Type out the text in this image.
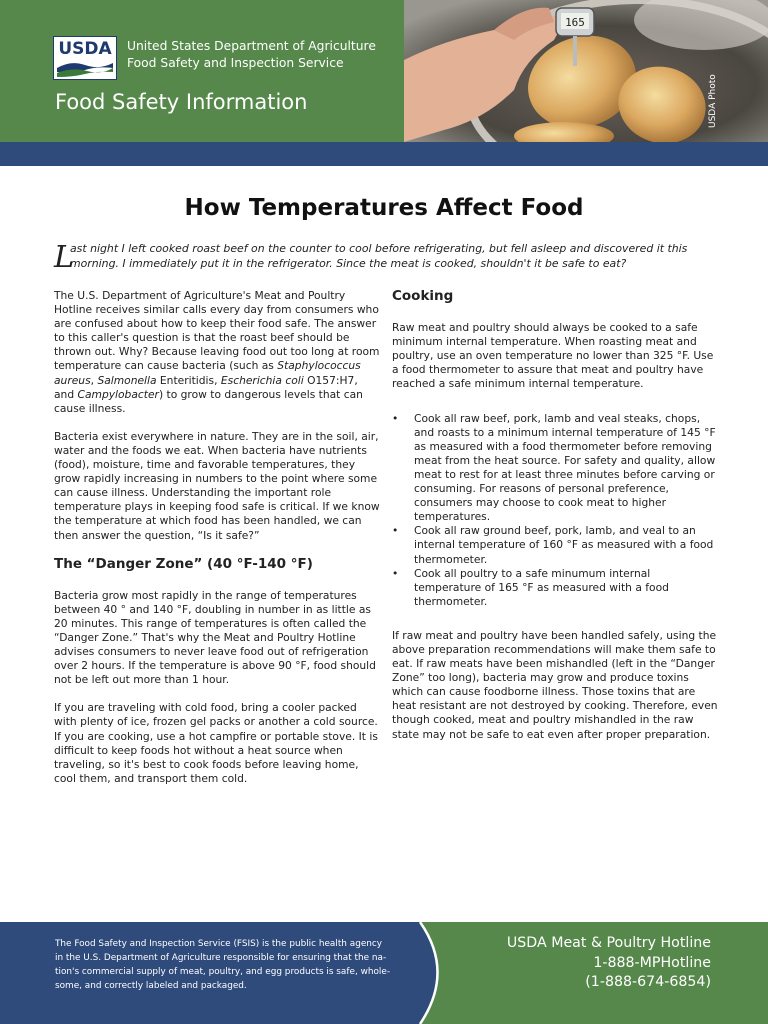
USDA	United States Department of Agriculture
Food Safety and Inspection Service
Food Safety Information
165
USDA Photo
How Temperatures Affect Food
L
ast night I left cooked roast beef on the counter to cool before refrigerating, but fell asleep and discovered it this morning. I immediately put it in the refrigerator. Since the meat is cooked, shouldn't it be safe to eat?

The U.S. Department of Agriculture's Meat and Poultry Hotline receives similar calls every day from consumers who are confused about how to keep their food safe. The answer to this caller's question is that the roast beef should be thrown out. Why? Because leaving food out too long at room temperature can cause bacteria (such as Staphylococcus aureus, Salmonella Enteritidis, Escherichia coli O157:H7, and Campylobacter) to grow to dangerous levels that can cause illness.

Bacteria exist everywhere in nature. They are in the soil, air, water and the foods we eat. When bacteria have nutrients (food), moisture, time and favorable temperatures, they grow rapidly increasing in numbers to the point where some can cause illness. Understanding the important role temperature plays in keeping food safe is critical. If we know the temperature at which food has been handled, we can then answer the question, “Is it safe?”

The “Danger Zone” (40 °F-140 °F)

Bacteria grow most rapidly in the range of temperatures between 40 ° and 140 °F, doubling in number in as little as 20 minutes. This range of temperatures is often called the “Danger Zone.” That's why the Meat and Poultry Hotline advises consumers to never leave food out of refrigeration over 2 hours. If the temperature is above 90 °F, food should not be left out more than 1 hour.

If you are traveling with cold food, bring a cooler packed with plenty of ice, frozen gel packs or another a cold source. If you are cooking, use a hot campfire or portable stove. It is difficult to keep foods hot without a heat source when traveling, so it's best to cook foods before leaving home, cool them, and transport them cold.

Cooking

Raw meat and poultry should always be cooked to a safe minimum internal temperature. When roasting meat and poultry, use an oven temperature no lower than 325 °F. Use a food thermometer to assure that meat and poultry have reached a safe minimum internal temperature.

• Cook all raw beef, pork, lamb and veal steaks, chops, and roasts to a minimum internal temperature of 145 °F as measured with a food thermometer before removing meat from the heat source. For safety and quality, allow meat to rest for at least three minutes before carving or consuming. For reasons of personal preference, consumers may choose to cook meat to higher temperatures.
• Cook all raw ground beef, pork, lamb, and veal to an internal temperature of 160 °F as measured with a food thermometer.
• Cook all poultry to a safe minumum internal temperature of 165 °F as measured with a food thermometer.

If raw meat and poultry have been handled safely, using the above preparation recommendations will make them safe to eat. If raw meats have been mishandled (left in the “Danger Zone” too long), bacteria may grow and produce toxins which can cause foodborne illness. Those toxins that are heat resistant are not destroyed by cooking. Therefore, even though cooked, meat and poultry mishandled in the raw state may not be safe to eat even after proper preparation.

The Food Safety and Inspection Service (FSIS) is the public health agency
in the U.S. Department of Agriculture responsible for ensuring that the na-
tion's commercial supply of meat, poultry, and egg products is safe, whole-
some, and correctly labeled and packaged.
USDA Meat & Poultry Hotline
1-888-MPHotline
(1-888-674-6854)
